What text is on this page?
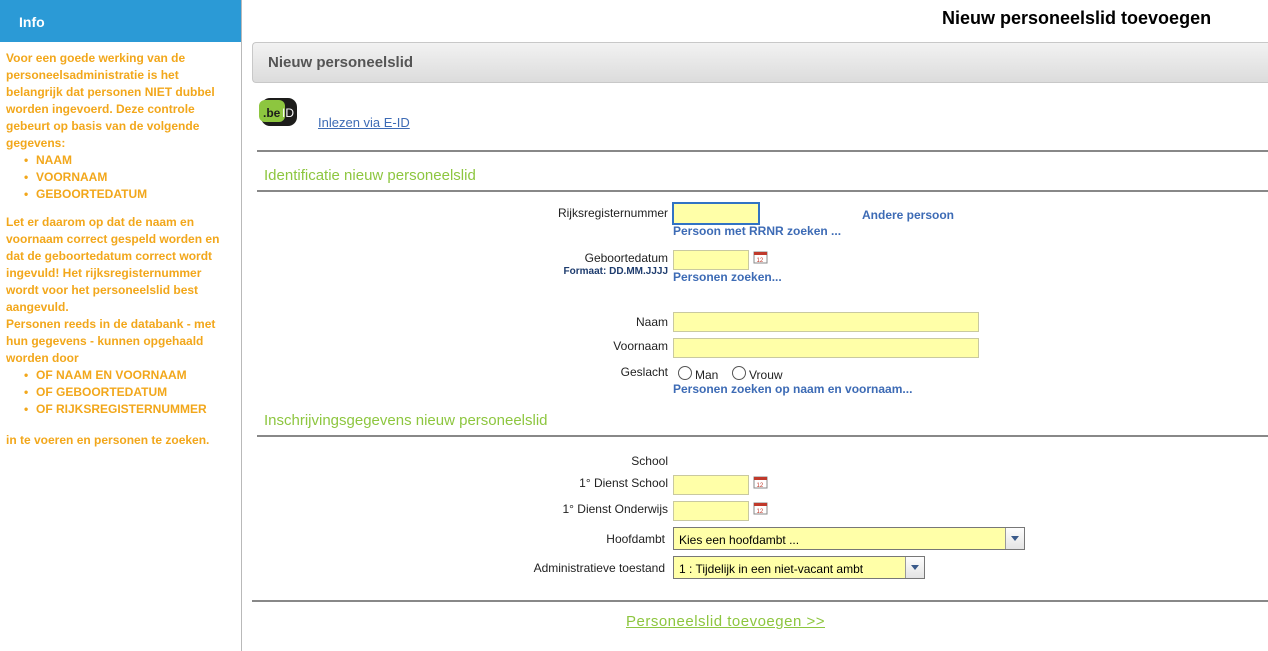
Info
Voor een goede werking van de personeelsadministratie is het belangrijk dat personen NIET dubbel worden ingevoerd. Deze controle gebeurt op basis van de volgende gegevens:
• NAAM
• VOORNAAM
• GEBOORTEDATUM
Let er daarom op dat de naam en voornaam correct gespeld worden en dat de geboortedatum correct wordt ingevuld! Het rijksregisternummer wordt voor het personeelslid best aangevuld.
Personen reeds in de databank - met hun gegevens - kunnen opgehaald worden door
• OF NAAM EN VOORNAAM
• OF GEBOORTEDATUM
• OF RIJKSREGISTERNUMMER
in te voeren en personen te zoeken.
Nieuw personeelslid toevoegen
Nieuw personeelslid
.be ID
Inlezen via E-ID
Identificatie nieuw personeelslid
Rijksregisternummer	Andere persoon
Persoon met RRNR zoeken ...
Geboortedatum
Formaat: DD.MM.JJJJ
12
Personen zoeken...
Naam
Voornaam
Geslacht Man	Vrouw
Personen zoeken op naam en voornaam...
Inschrijvingsgegevens nieuw personeelslid
School
1° Dienst School	12
1° Dienst Onderwijs	12
Hoofdambt Kies een hoofdambt ...
Administratieve toestand 1 : Tijdelijk in een niet-vacant ambt
Personeelslid toevoegen >>
